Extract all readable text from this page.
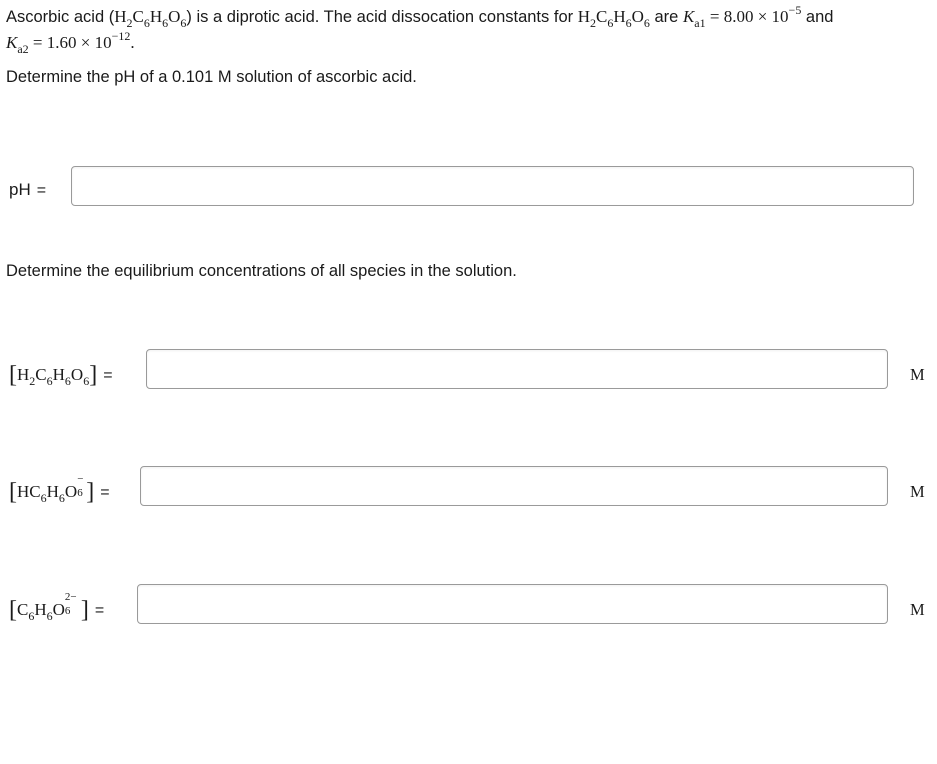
Ascorbic acid $(H_2C_6H_6O_6)$ is a diprotic acid. The acid dissocation constants for $H_2C_6H_6O_6$ are $K_{a1} = 8.00 \times 10^{-5}$ and
$K_{a2} = 1.60 \times 10^{-12}$.
Determine the pH of a 0.101 M solution of ascorbic acid.
pH =
Determine the equilibrium concentrations of all species in the solution.
$[H_2C_6H_6O_6]$ =	M
[$HC_6H_6O$
−
6 ] =	M
[$C_6H_6O$
2−
6 ] =	M
